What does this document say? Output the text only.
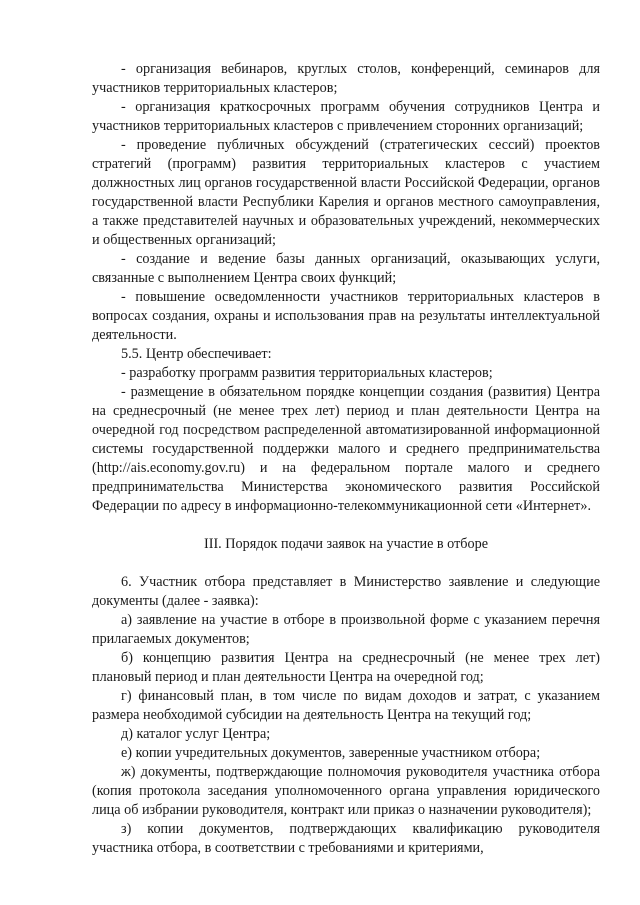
- организация вебинаров, круглых столов, конференций, семинаров для участников территориальных кластеров;

- организация краткосрочных программ обучения сотрудников Центра и участников территориальных кластеров с привлечением сторонних организаций;

- проведение публичных обсуждений (стратегических сессий) проектов стратегий (программ) развития территориальных кластеров с участием должностных лиц органов государственной власти Российской Федерации, органов государственной власти Республики Карелия и органов местного самоуправления, а также представителей научных и образовательных учреждений, некоммерческих и общественных организаций;

- создание и ведение базы данных организаций, оказывающих услуги, связанные с выполнением Центра своих функций;

- повышение осведомленности участников территориальных кластеров в вопросах создания, охраны и использования прав на результаты интеллектуальной деятельности.

5.5. Центр обеспечивает:

- разработку программ развития территориальных кластеров;

- размещение в обязательном порядке концепции создания (развития) Центра на среднесрочный (не менее трех лет) период и план деятельности Центра на очередной год посредством распределенной автоматизированной информационной системы государственной поддержки малого и среднего предпринимательства (http://ais.economy.gov.ru) и на федеральном портале малого и среднего предпринимательства Министерства экономического развития Российской Федерации по адресу в информационно-телекоммуникационной сети «Интернет».

III. Порядок подачи заявок на участие в отборе

6. Участник отбора представляет в Министерство заявление и следующие документы (далее - заявка):

а) заявление на участие в отборе в произвольной форме с указанием перечня прилагаемых документов;

б) концепцию развития Центра на среднесрочный (не менее трех лет) плановый период и план деятельности Центра на очередной год;

г) финансовый план, в том числе по видам доходов и затрат, с указанием размера необходимой субсидии на деятельность Центра на текущий год;

д) каталог услуг Центра;

е) копии учредительных документов, заверенные участником отбора;

ж) документы, подтверждающие полномочия руководителя участника отбора (копия протокола заседания уполномоченного органа управления юридического лица об избрании руководителя, контракт или приказ о назначении руководителя);

з) копии документов, подтверждающих квалификацию руководителя участника отбора, в соответствии с требованиями и критериями,
